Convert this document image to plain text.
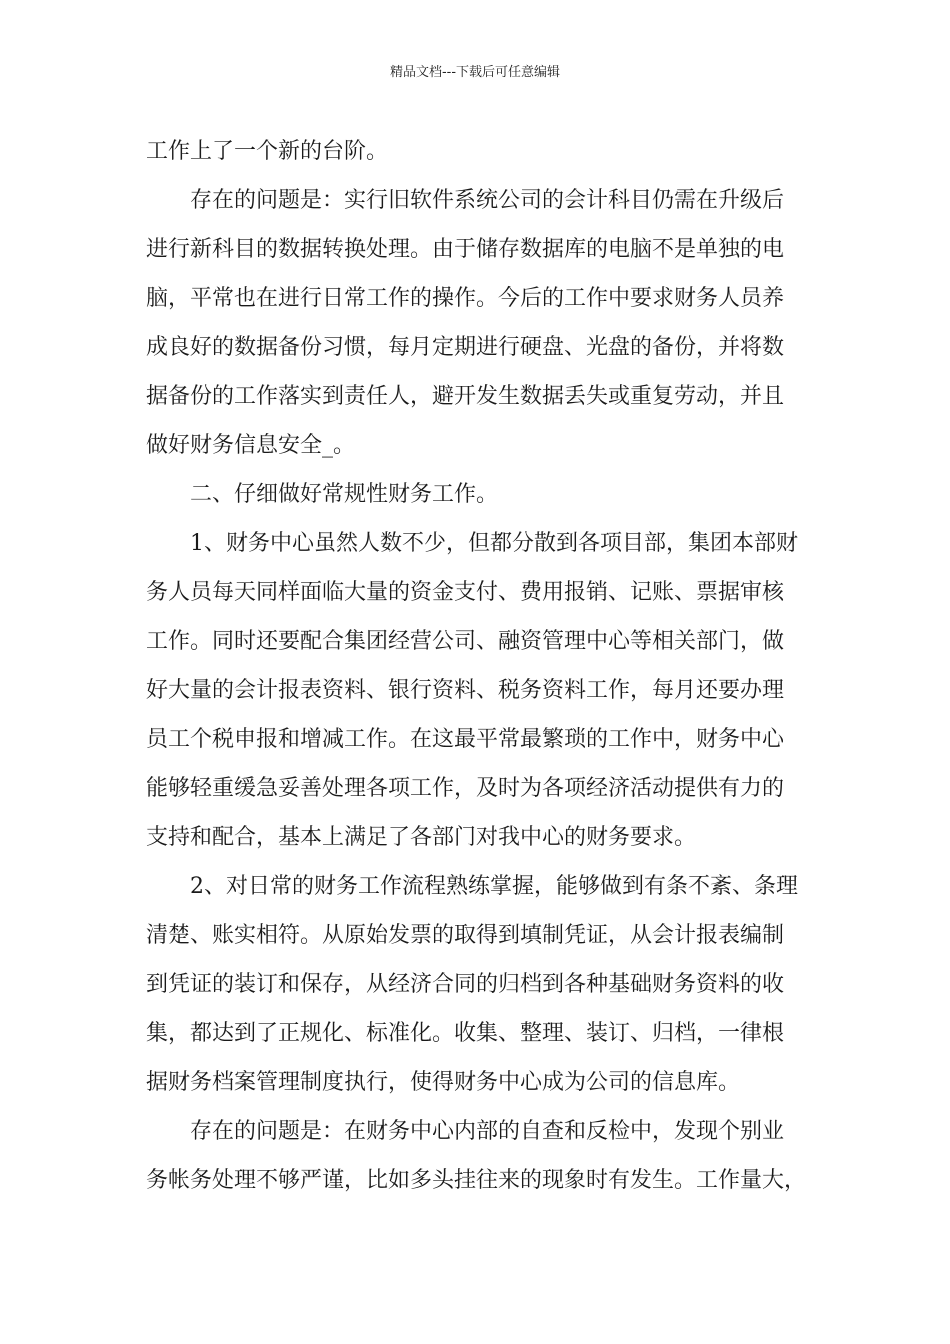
精品文档---下载后可任意编辑
工作上了一个新的台阶。
存在的问题是：实行旧软件系统公司的会计科目仍需在升级后
进行新科目的数据转换处理。由于储存数据库的电脑不是单独的电
脑，平常也在进行日常工作的操作。今后的工作中要求财务人员养
成良好的数据备份习惯，每月定期进行硬盘、光盘的备份，并将数
据备份的工作落实到责任人，避开发生数据丢失或重复劳动，并且
做好财务信息安全_。
二、仔细做好常规性财务工作。
1、财务中心虽然人数不少，但都分散到各项目部，集团本部财
务人员每天同样面临大量的资金支付、费用报销、记账、票据审核
工作。同时还要配合集团经营公司、融资管理中心等相关部门，做
好大量的会计报表资料、银行资料、税务资料工作，每月还要办理
员工个税申报和增减工作。在这最平常最繁琐的工作中，财务中心
能够轻重缓急妥善处理各项工作，及时为各项经济活动提供有力的
支持和配合，基本上满足了各部门对我中心的财务要求。
2、对日常的财务工作流程熟练掌握，能够做到有条不紊、条理
清楚、账实相符。从原始发票的取得到填制凭证，从会计报表编制
到凭证的装订和保存，从经济合同的归档到各种基础财务资料的收
集，都达到了正规化、标准化。收集、整理、装订、归档，一律根
据财务档案管理制度执行，使得财务中心成为公司的信息库。
存在的问题是：在财务中心内部的自查和反检中，发现个别业
务帐务处理不够严谨，比如多头挂往来的现象时有发生。工作量大，
